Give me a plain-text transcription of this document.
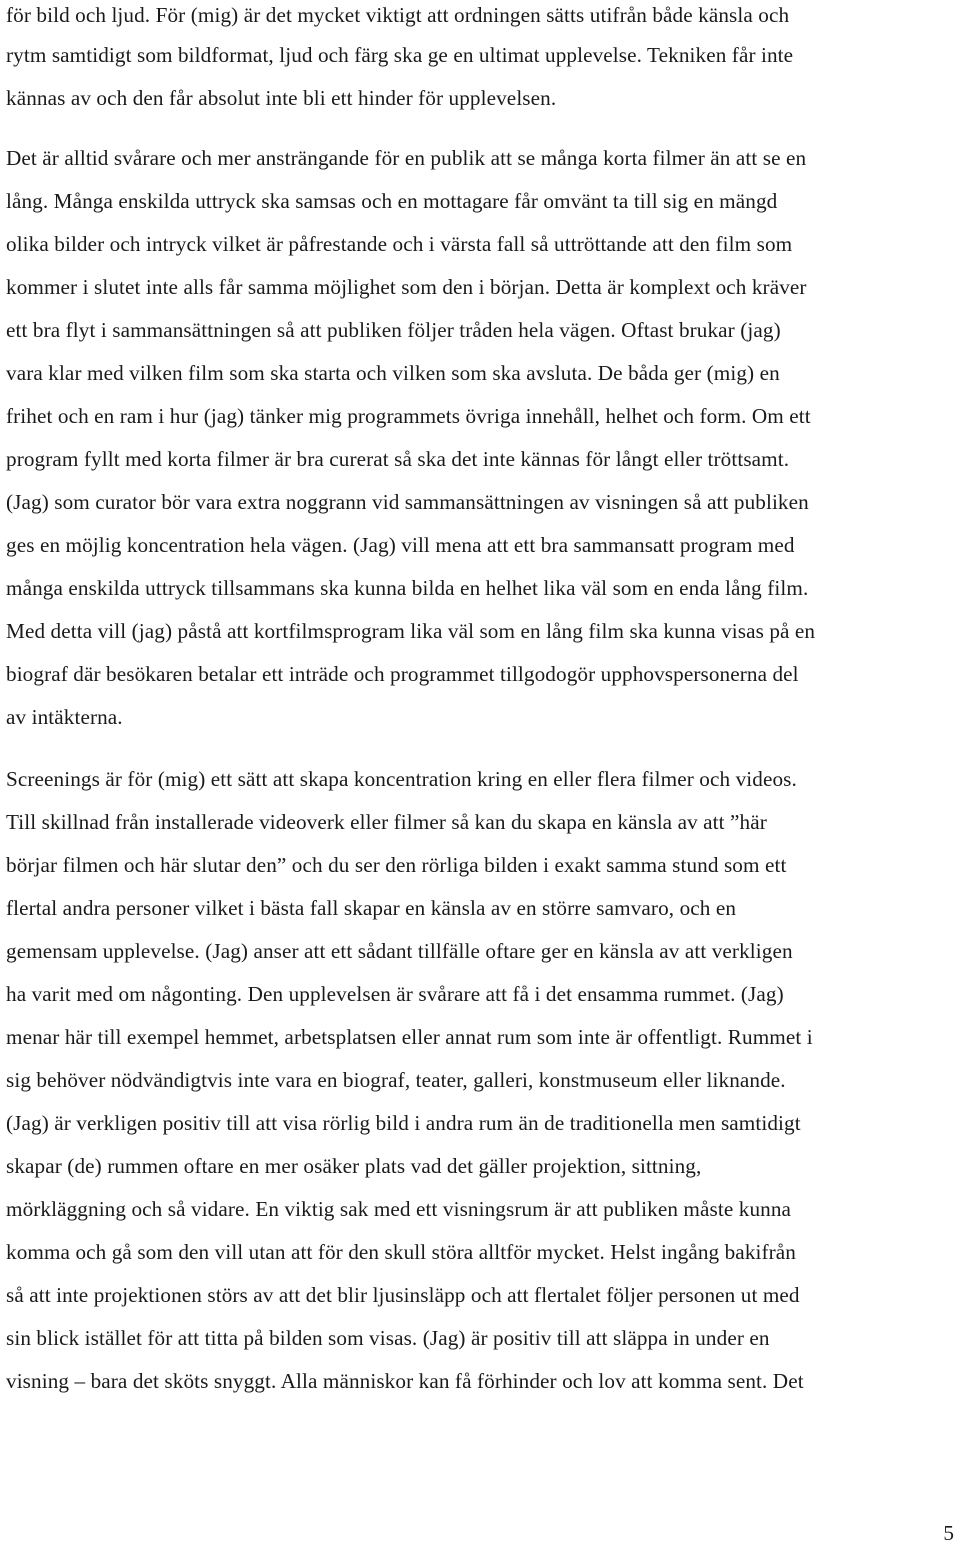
för bild och ljud. För (mig) är det mycket viktigt att ordningen sätts utifrån både känsla och
rytm samtidigt som bildformat, ljud och färg ska ge en ultimat upplevelse. Tekniken får inte
kännas av och den får absolut inte bli ett hinder för upplevelsen.
Det är alltid svårare och mer ansträngande för en publik att se många korta filmer än att se en
lång. Många enskilda uttryck ska samsas och en mottagare får omvänt ta till sig en mängd
olika bilder och intryck vilket är påfrestande och i värsta fall så uttröttande att den film som
kommer i slutet inte alls får samma möjlighet som den i början. Detta är komplext och kräver
ett bra flyt i sammansättningen så att publiken följer tråden hela vägen. Oftast brukar (jag)
vara klar med vilken film som ska starta och vilken som ska avsluta. De båda ger (mig) en
frihet och en ram i hur (jag) tänker mig programmets övriga innehåll, helhet och form. Om ett
program fyllt med korta filmer är bra curerat så ska det inte kännas för långt eller tröttsamt.
(Jag) som curator bör vara extra noggrann vid sammansättningen av visningen så att publiken
ges en möjlig koncentration hela vägen. (Jag) vill mena att ett bra sammansatt program med
många enskilda uttryck tillsammans ska kunna bilda en helhet lika väl som en enda lång film.
Med detta vill (jag) påstå att kortfilmsprogram lika väl som en lång film ska kunna visas på en
biograf där besökaren betalar ett inträde och programmet tillgodogör upphovspersonerna del
av intäkterna.
Screenings är för (mig) ett sätt att skapa koncentration kring en eller flera filmer och videos.
Till skillnad från installerade videoverk eller filmer så kan du skapa en känsla av att ”här
börjar filmen och här slutar den” och du ser den rörliga bilden i exakt samma stund som ett
flertal andra personer vilket i bästa fall skapar en känsla av en större samvaro, och en
gemensam upplevelse. (Jag) anser att ett sådant tillfälle oftare ger en känsla av att verkligen
ha varit med om någonting. Den upplevelsen är svårare att få i det ensamma rummet. (Jag)
menar här till exempel hemmet, arbetsplatsen eller annat rum som inte är offentligt. Rummet i
sig behöver nödvändigtvis inte vara en biograf, teater, galleri, konstmuseum eller liknande.
(Jag) är verkligen positiv till att visa rörlig bild i andra rum än de traditionella men samtidigt
skapar (de) rummen oftare en mer osäker plats vad det gäller projektion, sittning,
mörkläggning och så vidare. En viktig sak med ett visningsrum är att publiken måste kunna
komma och gå som den vill utan att för den skull störa alltför mycket. Helst ingång bakifrån
så att inte projektionen störs av att det blir ljusinsläpp och att flertalet följer personen ut med
sin blick istället för att titta på bilden som visas. (Jag) är positiv till att släppa in under en
visning – bara det sköts snyggt. Alla människor kan få förhinder och lov att komma sent. Det
5
